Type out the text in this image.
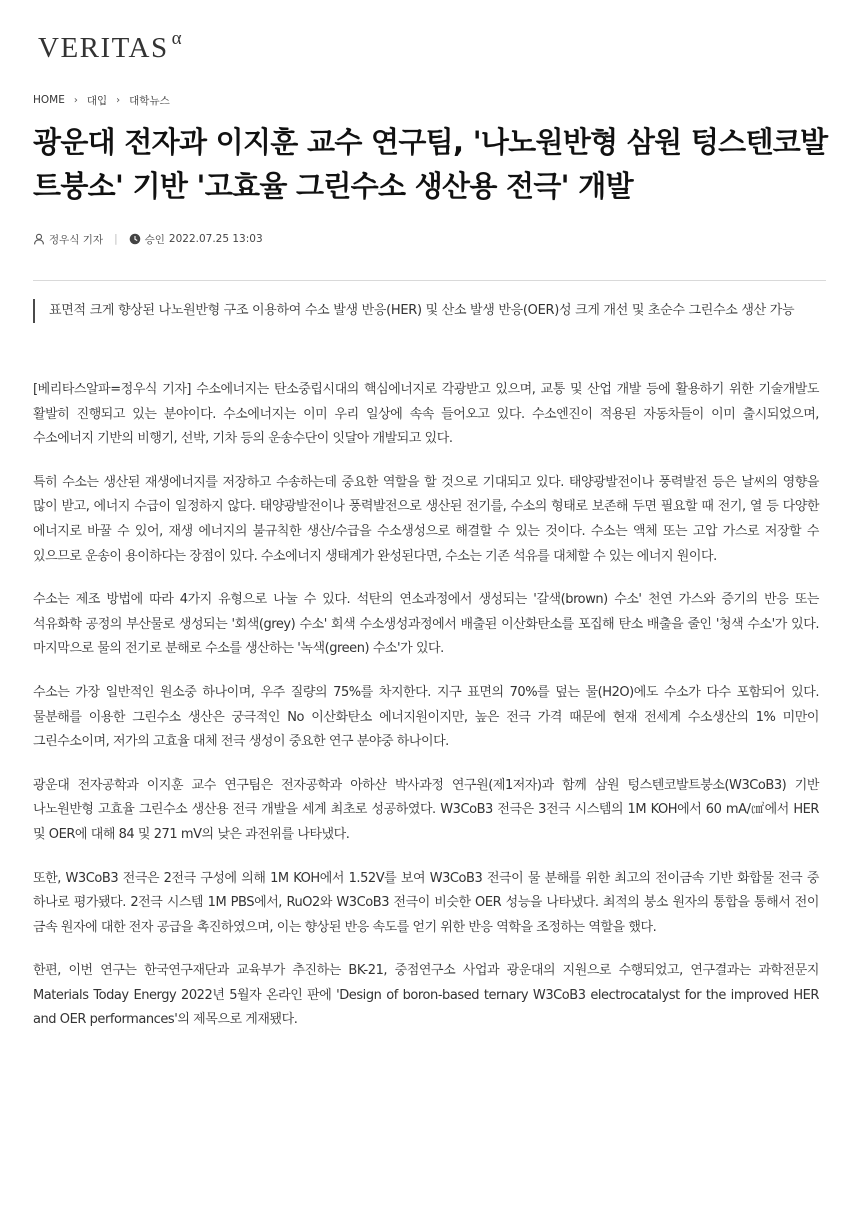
VERITAS α
HOME › 대입 › 대학뉴스
광운대 전자과 이지훈 교수 연구팀, '나노원반형 삼원 텅스텐코발트붕소' 기반 '고효율 그린수소 생산용 전극' 개발
정우식 기자 |	승인 2022.07.25 13:03
표면적 크게 향상된 나노원반형 구조 이용하여 수소 발생 반응(HER) 및 산소 발생 반응(OER)성 크게 개선 및 초순수 그린수소 생산 가능

[베리타스알파=정우식 기자] 수소에너지는 탄소중립시대의 핵심에너지로 각광받고 있으며, 교통 및 산업 개발 등에 활용하기 위한 기술개발도 활발히 진행되고 있는 분야이다. 수소에너지는 이미 우리 일상에 속속 들어오고 있다. 수소엔진이 적용된 자동차들이 이미 출시되었으며, 수소에너지 기반의 비행기, 선박, 기차 등의 운송수단이 잇달아 개발되고 있다.

특히 수소는 생산된 재생에너지를 저장하고 수송하는데 중요한 역할을 할 것으로 기대되고 있다. 태양광발전이나 풍력발전 등은 날씨의 영향을 많이 받고, 에너지 수급이 일정하지 않다. 태양광발전이나 풍력발전으로 생산된 전기를, 수소의 형태로 보존해 두면 필요할 때 전기, 열 등 다양한 에너지로 바꿀 수 있어, 재생 에너지의 불규칙한 생산/수급을 수소생성으로 해결할 수 있는 것이다. 수소는 액체 또는 고압 가스로 저장할 수 있으므로 운송이 용이하다는 장점이 있다. 수소에너지 생태계가 완성된다면, 수소는 기존 석유를 대체할 수 있는 에너지 원이다.

수소는 제조 방법에 따라 4가지 유형으로 나눌 수 있다. 석탄의 연소과정에서 생성되는 '갈색(brown) 수소' 천연 가스와 증기의 반응 또는 석유화학 공정의 부산물로 생성되는 '회색(grey) 수소' 회색 수소생성과정에서 배출된 이산화탄소를 포집해 탄소 배출을 줄인 '청색 수소'가 있다. 마지막으로 물의 전기로 분해로 수소를 생산하는 '녹색(green) 수소'가 있다.

수소는 가장 일반적인 원소중 하나이며, 우주 질량의 75%를 차지한다. 지구 표면의 70%를 덮는 물(H2O)에도 수소가 다수 포함되어 있다. 물분해를 이용한 그린수소 생산은 궁극적인 No 이산화탄소 에너지원이지만, 높은 전극 가격 때문에 현재 전세계 수소생산의 1% 미만이 그린수소이며, 저가의 고효율 대체 전극 생성이 중요한 연구 분야중 하나이다.

광운대 전자공학과 이지훈 교수 연구팀은 전자공학과 아하산 박사과정 연구원(제1저자)과 함께 삼원 텅스텐코발트붕소(W3CoB3) 기반 나노원반형 고효율 그린수소 생산용 전극 개발을 세계 최초로 성공하였다. W3CoB3 전극은 3전극 시스템의 1M KOH에서 60 mA/㎠에서 HER 및 OER에 대해 84 및 271 mV의 낮은 과전위를 나타냈다.

또한, W3CoB3 전극은 2전극 구성에 의해 1M KOH에서 1.52V를 보여 W3CoB3 전극이 물 분해를 위한 최고의 전이금속 기반 화합물 전극 중 하나로 평가됐다. 2전극 시스템 1M PBS에서, RuO2와 W3CoB3 전극이 비슷한 OER 성능을 나타냈다. 최적의 붕소 원자의 통합을 통해서 전이 금속 원자에 대한 전자 공급을 촉진하였으며, 이는 향상된 반응 속도를 얻기 위한 반응 역학을 조정하는 역할을 했다.

한편, 이번 연구는 한국연구재단과 교육부가 추진하는 BK-21, 중점연구소 사업과 광운대의 지원으로 수행되었고, 연구결과는 과학전문지 Materials Today Energy 2022년 5월자 온라인 판에 'Design of boron-based ternary W3CoB3 electrocatalyst for the improved HER and OER performances'의 제목으로 게재됐다.
